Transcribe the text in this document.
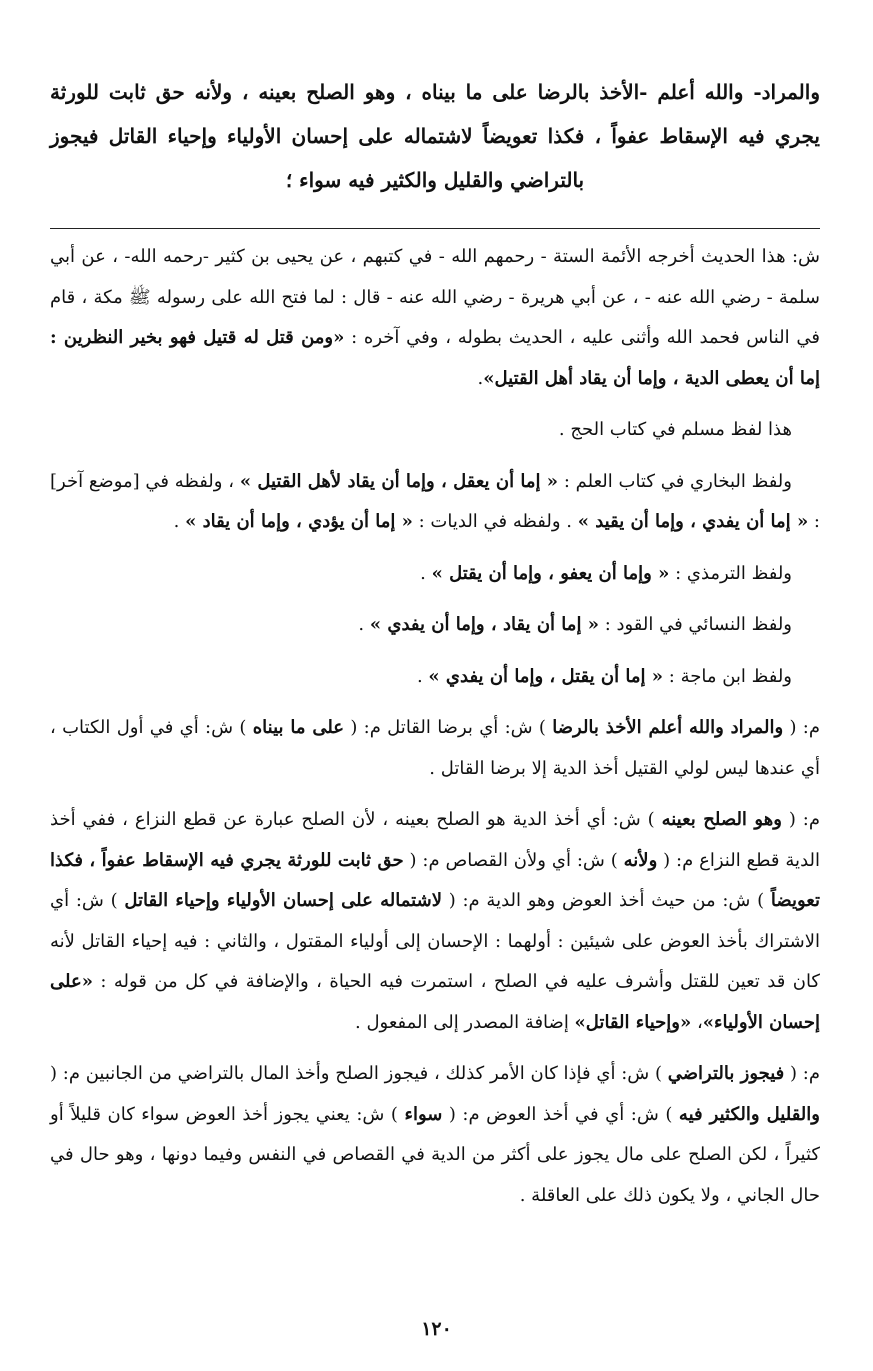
والمراد- والله أعلم -الأخذ بالرضا على ما بيناه ، وهو الصلح بعينه ، ولأنه حق ثابت للورثة يجري فيه الإسقاط عفواً ، فكذا تعويضاً لاشتماله على إحسان الأولياء وإحياء القاتل فيجوز بالتراضي والقليل والكثير فيه سواء ؛

ش: هذا الحديث أخرجه الأئمة الستة - رحمهم الله - في كتبهم ، عن يحيى بن كثير -رحمه الله- ، عن أبي سلمة - رضي الله عنه - ، عن أبي هريرة - رضي الله عنه - قال : لما فتح الله على رسوله ﷺ مكة ، قام في الناس فحمد الله وأثنى عليه ، الحديث بطوله ، وفي آخره : «ومن قتل له قتيل فهو بخير النظرين : إما أن يعطى الدية ، وإما أن يقاد أهل القتيل».

هذا لفظ مسلم في كتاب الحج .

ولفظ البخاري في كتاب العلم : « إما أن يعقل ، وإما أن يقاد لأهل القتيل » ، ولفظه في [موضع آخر] : « إما أن يفدي ، وإما أن يقيد » . ولفظه في الديات : « إما أن يؤدي ، وإما أن يقاد » .

ولفظ الترمذي : « وإما أن يعفو ، وإما أن يقتل » .

ولفظ النسائي في القود : « إما أن يقاد ، وإما أن يفدي » .

ولفظ ابن ماجة : « إما أن يقتل ، وإما أن يفدي » .

م: ( والمراد والله أعلم الأخذ بالرضا ) ش: أي برضا القاتل م: ( على ما بيناه ) ش: أي في أول الكتاب ، أي عندها ليس لولي القتيل أخذ الدية إلا برضا القاتل .

م: ( وهو الصلح بعينه ) ش: أي أخذ الدية هو الصلح بعينه ، لأن الصلح عبارة عن قطع النزاع ، ففي أخذ الدية قطع النزاع م: ( ولأنه ) ش: أي ولأن القصاص م: ( حق ثابت للورثة يجري فيه الإسقاط عفواً ، فكذا تعويضاً ) ش: من حيث أخذ العوض وهو الدية م: ( لاشتماله على إحسان الأولياء وإحياء القاتل ) ش: أي الاشتراك بأخذ العوض على شيئين : أولهما : الإحسان إلى أولياء المقتول ، والثاني : فيه إحياء القاتل لأنه كان قد تعين للقتل وأشرف عليه في الصلح ، استمرت فيه الحياة ، والإضافة في كل من قوله : «على إحسان الأولياء»، «وإحياء القاتل» إضافة المصدر إلى المفعول .

م: ( فيجوز بالتراضي ) ش: أي فإذا كان الأمر كذلك ، فيجوز الصلح وأخذ المال بالتراضي من الجانبين م: ( والقليل والكثير فيه ) ش: أي في أخذ العوض م: ( سواء ) ش: يعني يجوز أخذ العوض سواء كان قليلاً أو كثيراً ، لكن الصلح على مال يجوز على أكثر من الدية في القصاص في النفس وفيما دونها ، وهو حال في حال الجاني ، ولا يكون ذلك على العاقلة .

١٢٠
